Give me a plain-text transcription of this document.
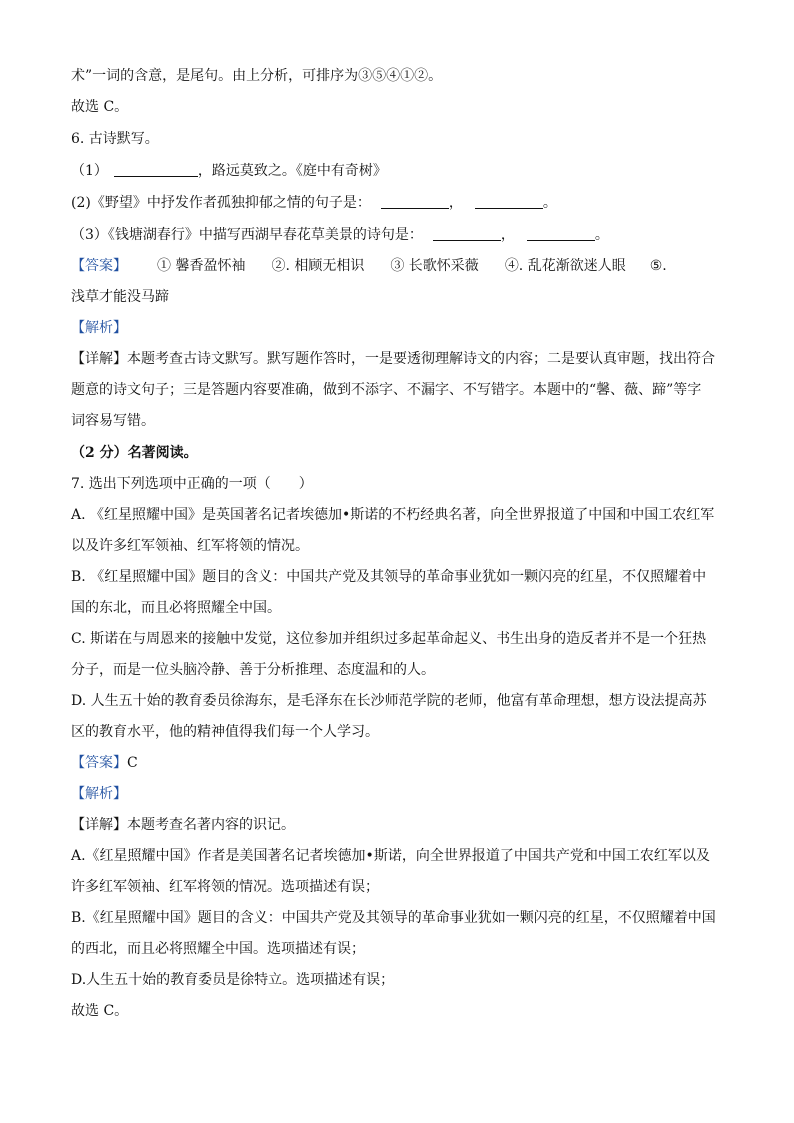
术”一词的含意，是尾句。由上分析，可排序为③⑤④①②。
故选 C。
6. 古诗默写。
（1）	，路远莫致之。《庭中有奇树》
(2)《野望》中抒发作者孤独抑郁之情的句子是：	，	。
（3）《钱塘湖春行》中描写西湖早春花草美景的诗句是：	，	。
【答案】 ① 馨香盈怀袖 ②. 相顾无相识 ③ 长歌怀采薇 ④. 乱花渐欲迷人眼 ⑤.
浅草才能没马蹄
【解析】
【详解】本题考查古诗文默写。默写题作答时，一是要透彻理解诗文的内容；二是要认真审题，找出符合
题意的诗文句子；三是答题内容要准确，做到不添字、不漏字、不写错字。本题中的“馨、薇、蹄”等字
词容易写错。
（2 分）名著阅读。
7. 选出下列选项中正确的一项（　　）
A. 《红星照耀中国》是英国著名记者埃德加•斯诺的不朽经典名著，向全世界报道了中国和中国工农红军
以及许多红军领袖、红军将领的情况。
B. 《红星照耀中国》题目的含义：中国共产党及其领导的革命事业犹如一颗闪亮的红星，不仅照耀着中
国的东北，而且必将照耀全中国。
C. 斯诺在与周恩来的接触中发觉，这位参加并组织过多起革命起义、书生出身的造反者并不是一个狂热
分子，而是一位头脑冷静、善于分析推理、态度温和的人。
D. 人生五十始的教育委员徐海东，是毛泽东在长沙师范学院的老师，他富有革命理想，想方设法提高苏
区的教育水平，他的精神值得我们每一个人学习。
【答案】C
【解析】
【详解】本题考查名著内容的识记。
A.《红星照耀中国》作者是美国著名记者埃德加•斯诺，向全世界报道了中国共产党和中国工农红军以及
许多红军领袖、红军将领的情况。选项描述有误；
B.《红星照耀中国》题目的含义：中国共产党及其领导的革命事业犹如一颗闪亮的红星，不仅照耀着中国
的西北，而且必将照耀全中国。选项描述有误；
D.人生五十始的教育委员是徐特立。选项描述有误；
故选 C。
